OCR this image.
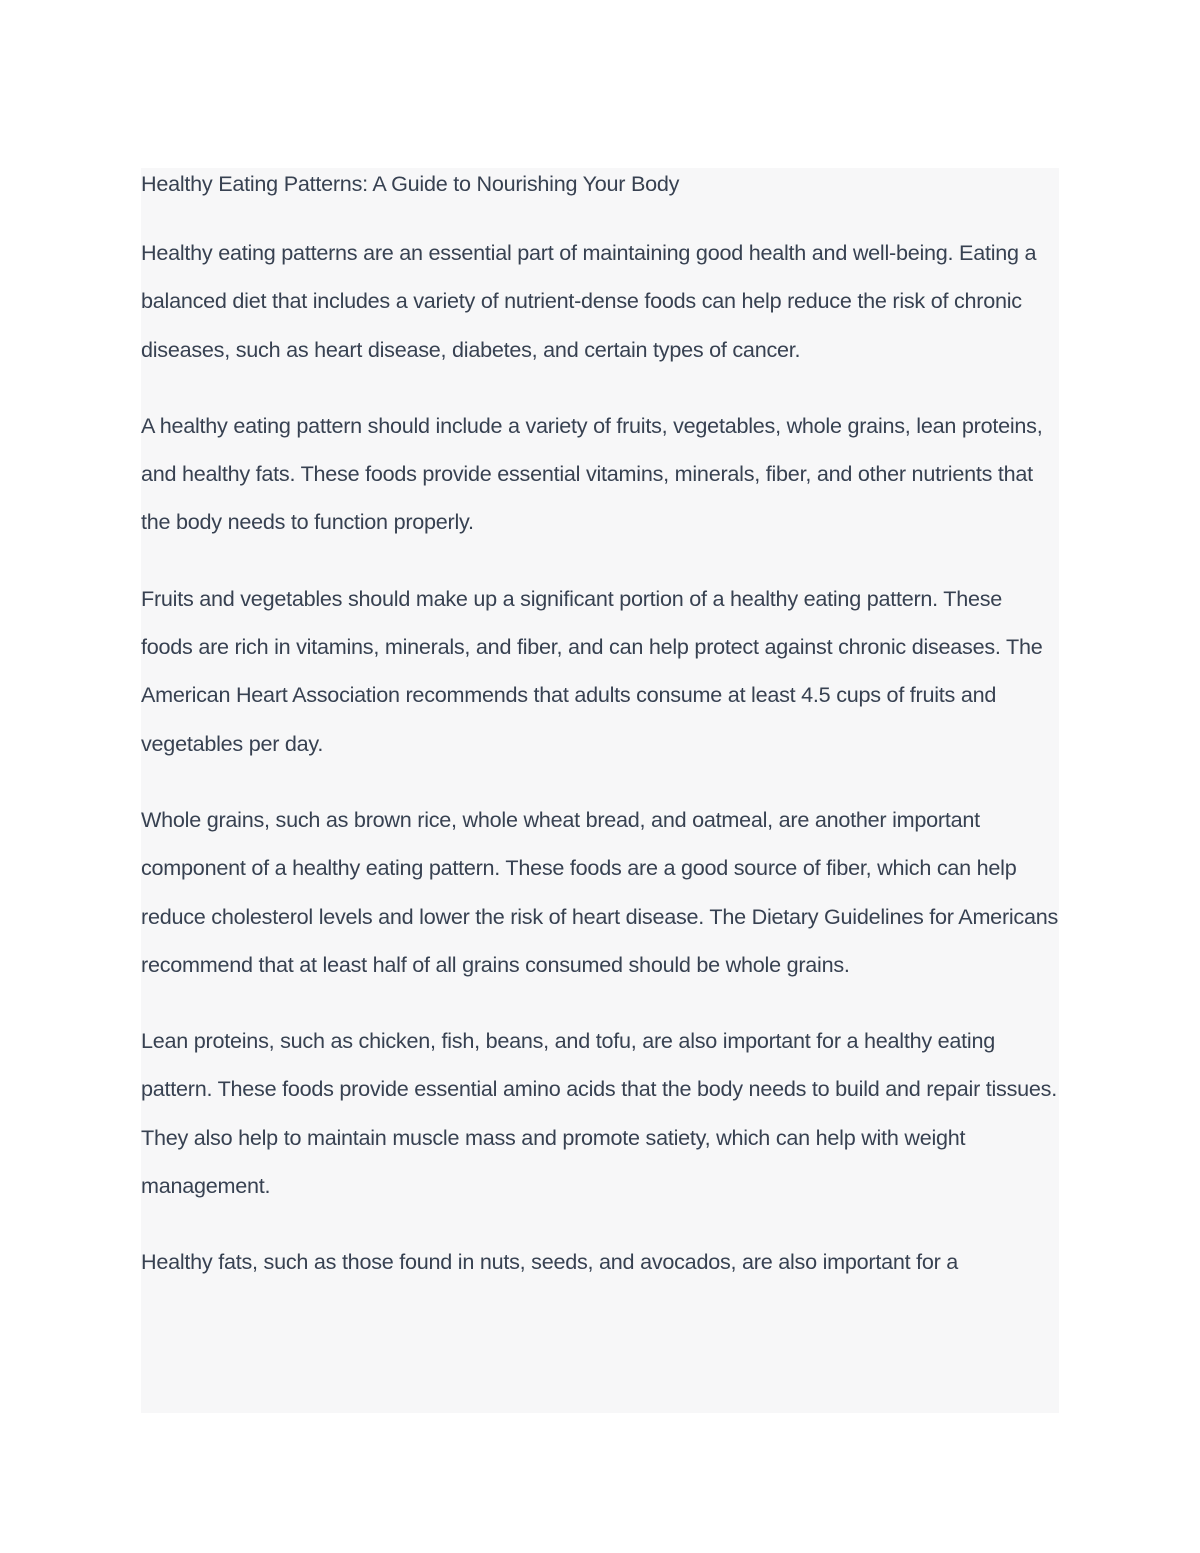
Healthy Eating Patterns: A Guide to Nourishing Your Body

Healthy eating patterns are an essential part of maintaining good health and well-being. Eating a balanced diet that includes a variety of nutrient-dense foods can help reduce the risk of chronic diseases, such as heart disease, diabetes, and certain types of cancer.

A healthy eating pattern should include a variety of fruits, vegetables, whole grains, lean proteins, and healthy fats. These foods provide essential vitamins, minerals, fiber, and other nutrients that the body needs to function properly.

Fruits and vegetables should make up a significant portion of a healthy eating pattern. These foods are rich in vitamins, minerals, and fiber, and can help protect against chronic diseases. The American Heart Association recommends that adults consume at least 4.5 cups of fruits and vegetables per day.

Whole grains, such as brown rice, whole wheat bread, and oatmeal, are another important component of a healthy eating pattern. These foods are a good source of fiber, which can help reduce cholesterol levels and lower the risk of heart disease. The Dietary Guidelines for Americans recommend that at least half of all grains consumed should be whole grains.

Lean proteins, such as chicken, fish, beans, and tofu, are also important for a healthy eating pattern. These foods provide essential amino acids that the body needs to build and repair tissues. They also help to maintain muscle mass and promote satiety, which can help with weight management.

Healthy fats, such as those found in nuts, seeds, and avocados, are also important for a
